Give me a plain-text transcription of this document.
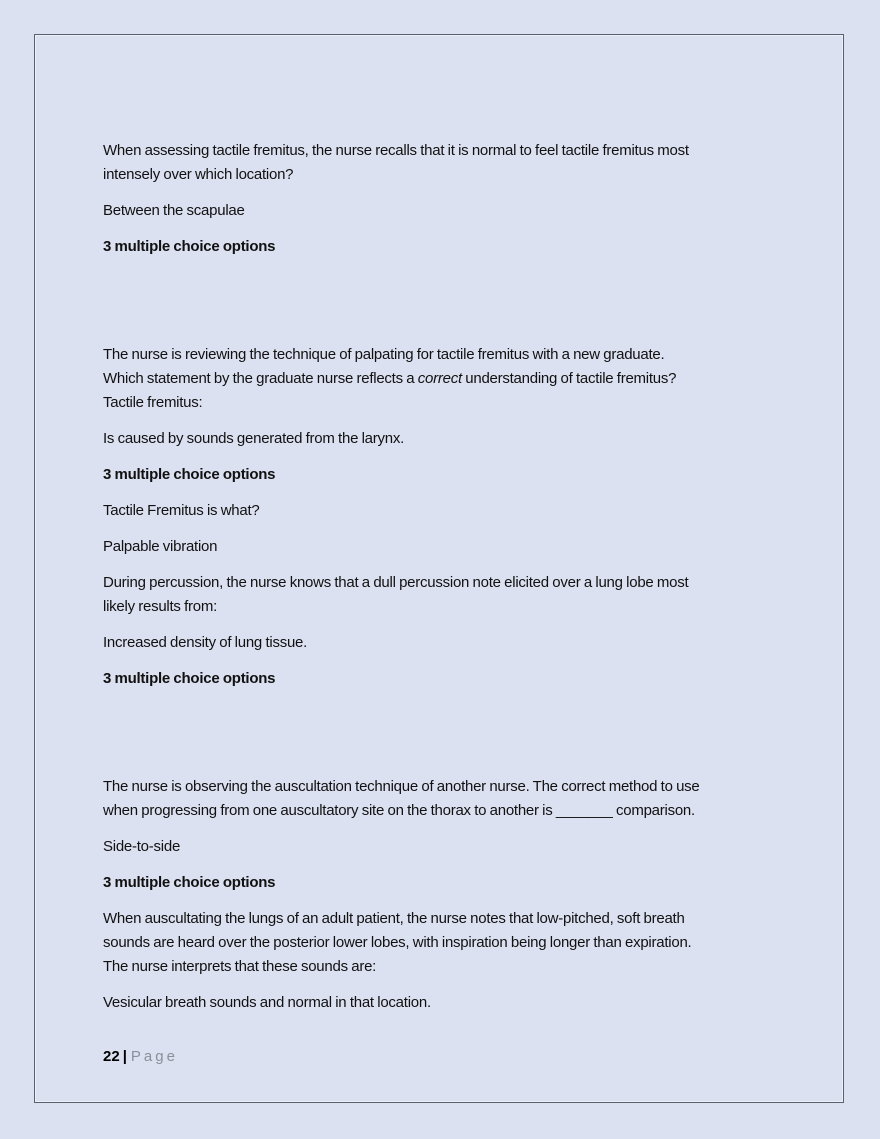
When assessing tactile fremitus, the nurse recalls that it is normal to feel tactile fremitus most
intensely over which location?
Between the scapulae
3 multiple choice options
The nurse is reviewing the technique of palpating for tactile fremitus with a new graduate.
Which statement by the graduate nurse reflects a correct understanding of tactile fremitus?
Tactile fremitus:
Is caused by sounds generated from the larynx.
3 multiple choice options
Tactile Fremitus is what?
Palpable vibration
During percussion, the nurse knows that a dull percussion note elicited over a lung lobe most
likely results from:
Increased density of lung tissue.
3 multiple choice options
The nurse is observing the auscultation technique of another nurse. The correct method to use
when progressing from one auscultatory site on the thorax to another is _______ comparison.
Side-to-side
3 multiple choice options
When auscultating the lungs of an adult patient, the nurse notes that low-pitched, soft breath
sounds are heard over the posterior lower lobes, with inspiration being longer than expiration.
The nurse interprets that these sounds are:
Vesicular breath sounds and normal in that location.
22 | Page
